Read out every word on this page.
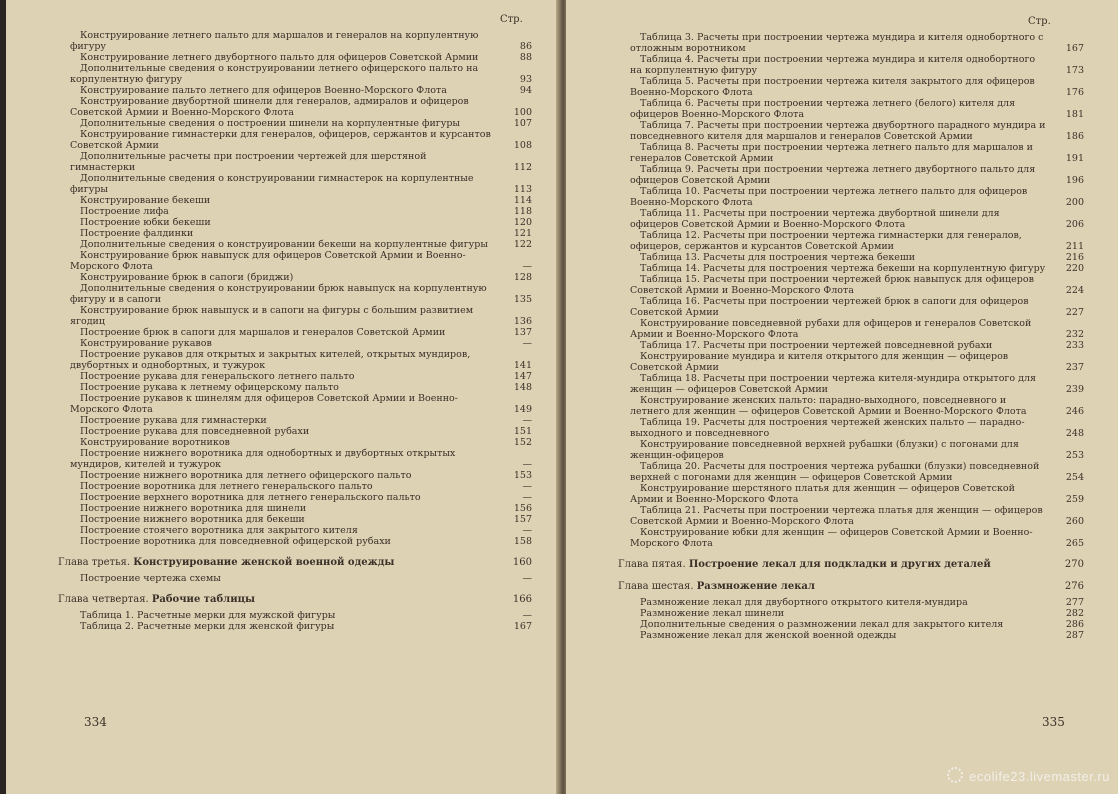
Стр.
Конструирование летнего пальто для маршалов и генералов на корпулентную фигуру	86
Конструирование летнего двубортного пальто для офицеров Советской Армии	88
Дополнительные сведения о конструировании летнего офицерского пальто на корпулентную фигуру	93
Конструирование пальто летнего для офицеров Военно-Морского Флота	94
Конструирование двубортной шинели для генералов, адмиралов и офицеров Советской Армии и Военно-Морского Флота	100
Дополнительные сведения о построении шинели на корпулентные фигуры	107
Конструирование гимнастерки для генералов, офицеров, сержантов и курсантов Советской Армии	108
Дополнительные расчеты при построении чертежей для шерстяной гимнастерки	112
Дополнительные сведения о конструировании гимнастерок на корпулентные фигуры	113
Конструирование бекеши	114
Построение лифа	118
Построение юбки бекеши	120
Построение фалдинки	121
Дополнительные сведения о конструировании бекеши на корпулентные фигуры	122
Конструирование брюк навыпуск для офицеров Советской Армии и Военно-Морского Флота	—
Конструирование брюк в сапоги (бриджи)	128
Дополнительные сведения о конструировании брюк навыпуск на корпулентную фигуру и в сапоги	135
Конструирование брюк навыпуск и в сапоги на фигуры с большим развитием ягодиц	136
Построение брюк в сапоги для маршалов и генералов Советской Армии	137
Конструирование рукавов	—
Построение рукавов для открытых и закрытых кителей, открытых мундиров, двубортных и однобортных, и тужурок	141
Построение рукава для генеральского летнего пальто	147
Построение рукава к летнему офицерскому пальто	148
Построение рукавов к шинелям для офицеров Советской Армии и Военно-Морского Флота	149
Построение рукава для гимнастерки	—
Построение рукава для повседневной рубахи	151
Конструирование воротников	152
Построение нижнего воротника для однобортных и двубортных открытых мундиров, кителей и тужурок	—
Построение нижнего воротника для летнего офицерского пальто	153
Построение воротника для летнего генеральского пальто	—
Построение верхнего воротника для летнего генеральского пальто	—
Построение нижнего воротника для шинели	156
Построение нижнего воротника для бекеши	157
Построение стоячего воротника для закрытого кителя	—
Построение воротника для повседневной офицерской рубахи	158
Глава третья. Конструирование женской военной одежды	160
Построение чертежа схемы	—
Глава четвертая. Рабочие таблицы	166
Таблица 1. Расчетные мерки для мужской фигуры	—
Таблица 2. Расчетные мерки для женской фигуры	167
334
Стр.
Таблица 3. Расчеты при построении чертежа мундира и кителя однобортного с отложным воротником	167
Таблица 4. Расчеты при построении чертежа мундира и кителя однобортного на корпулентную фигуру	173
Таблица 5. Расчеты при построении чертежа кителя закрытого для офицеров Военно-Морского Флота	176
Таблица 6. Расчеты при построении чертежа летнего (белого) кителя для офицеров Военно-Морского Флота	181
Таблица 7. Расчеты при построении чертежа двубортного парадного мундира и повседневного кителя для маршалов и генералов Советской Армии	186
Таблица 8. Расчеты при построении чертежа летнего пальто для маршалов и генералов Советской Армии	191
Таблица 9. Расчеты при построении чертежа летнего двубортного пальто для офицеров Советской Армии	196
Таблица 10. Расчеты при построении чертежа летнего пальто для офицеров Военно-Морского Флота	200
Таблица 11. Расчеты при построении чертежа двубортной шинели для офицеров Советской Армии и Военно-Морского Флота	206
Таблица 12. Расчеты при построении чертежа гимнастерки для генералов, офицеров, сержантов и курсантов Советской Армии	211
Таблица 13. Расчеты для построения чертежа бекеши	216
Таблица 14. Расчеты для построения чертежа бекеши на корпулентную фигуру	220
Таблица 15. Расчеты при построении чертежей брюк навыпуск для офицеров Советской Армии и Военно-Морского Флота	224
Таблица 16. Расчеты при построении чертежей брюк в сапоги для офицеров Советской Армии	227
Конструирование повседневной рубахи для офицеров и генералов Советской Армии и Военно-Морского Флота	232
Таблица 17. Расчеты при построении чертежей повседневной рубахи	233
Конструирование мундира и кителя открытого для женщин — офицеров Советской Армии	237
Таблица 18. Расчеты при построении чертежа кителя-мундира открытого для женщин — офицеров Советской Армии	239
Конструирование женских пальто: парадно-выходного, повседневного и летнего для женщин — офицеров Советской Армии и Военно-Морского Флота	246
Таблица 19. Расчеты для построения чертежей женских пальто — парадно-выходного и повседневного	248
Конструирование повседневной верхней рубашки (блузки) с погонами для женщин-офицеров	253
Таблица 20. Расчеты для построения чертежа рубашки (блузки) повседневной верхней с погонами для женщин — офицеров Советской Армии	254
Конструирование шерстяного платья для женщин — офицеров Советской Армии и Военно-Морского Флота	259
Таблица 21. Расчеты при построении чертежа платья для женщин — офицеров Советской Армии и Военно-Морского Флота	260
Конструирование юбки для женщин — офицеров Советской Армии и Военно-Морского Флота	265
Глава пятая. Построение лекал для подкладки и других деталей	270
Глава шестая. Размножение лекал	276
Размножение лекал для двубортного открытого кителя-мундира	277
Размножение лекал шинели	282
Дополнительные сведения о размножении лекал для закрытого кителя	286
Размножение лекал для женской военной одежды	287
335
ecolife23.livemaster.ru
